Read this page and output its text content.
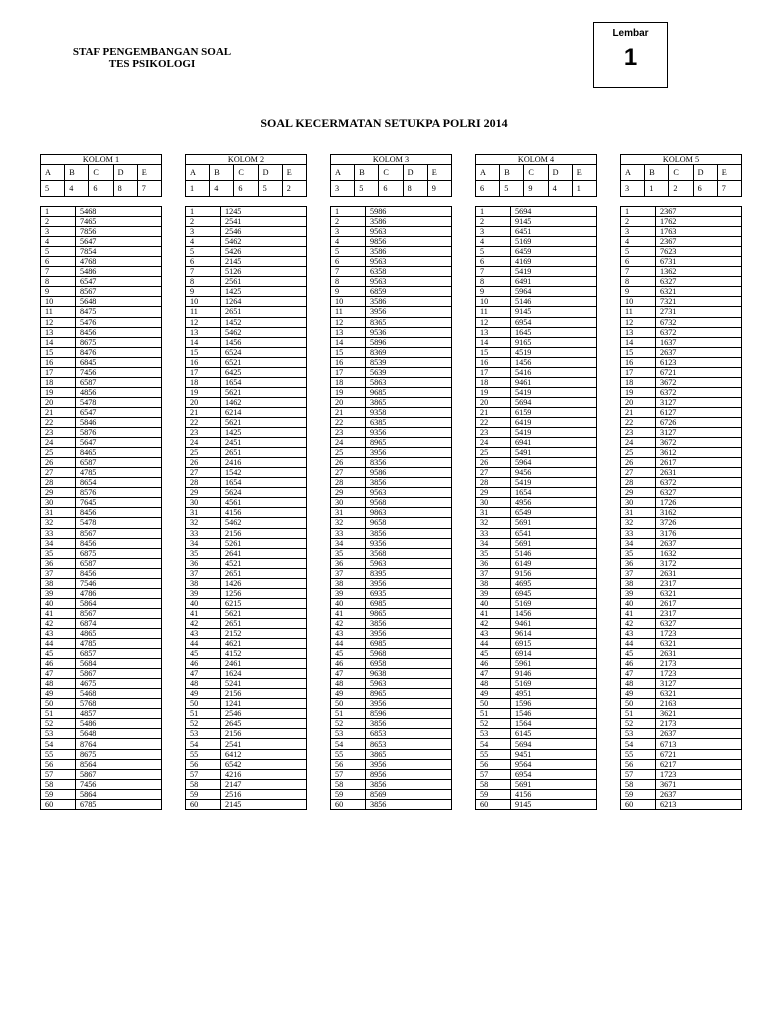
STAF PENGEMBANGAN SOAL
TES PSIKOLOGI
Lembar
1
SOAL KECERMATAN SETUKPA POLRI 2014
KOLOM 1				
A	B	C	D	E
5	4	6	8	7
1	5468
2	7465
3	7856
4	5647
5	7854
6	4768
7	5486
8	6547
9	8567
10	5648
11	8475
12	5476
13	8456
14	8675
15	8476
16	6845
17	7456
18	6587
19	4856
20	5478
21	6547
22	5846
23	5876
24	5647
25	8465
26	6587
27	4785
28	8654
29	8576
30	7645
31	8456
32	5478
33	8567
34	8456
35	6875
36	6587
37	8456
38	7546
39	4786
40	5864
41	8567
42	6874
43	4865
44	4785
45	6857
46	5684
47	5867
48	4675
49	5468
50	5768
51	4857
52	5486
53	5648
54	8764
55	8675
56	8564
57	5867
58	7456
59	5864
60	6785
KOLOM 2				
A	B	C	D	E
1	4	6	5	2
1	1245
2	2541
3	2546
4	5462
5	5426
6	2145
7	5126
8	2561
9	1425
10	1264
11	2651
12	1452
13	5462
14	1456
15	6524
16	6521
17	6425
18	1654
19	5621
20	1462
21	6214
22	5621
23	1425
24	2451
25	2651
26	2416
27	1542
28	1654
29	5624
30	4561
31	4156
32	5462
33	2156
34	5261
35	2641
36	4521
37	2651
38	1426
39	1256
40	6215
41	5621
42	2651
43	2152
44	4621
45	4152
46	2461
47	1624
48	5241
49	2156
50	1241
51	2546
52	2645
53	2156
54	2541
55	6412
56	6542
57	4216
58	2147
59	2516
60	2145
KOLOM 3				
A	B	C	D	E
3	5	6	8	9
1	5986
2	3586
3	9563
4	9856
5	3586
6	9563
7	6358
8	9563
9	6859
10	3586
11	3956
12	8365
13	9536
14	5896
15	8369
16	8539
17	5639
18	5863
19	9685
20	3865
21	9358
22	6385
23	9356
24	8965
25	3956
26	8356
27	9586
28	3856
29	9563
30	9568
31	9863
32	9658
33	3856
34	9356
35	3568
36	5963
37	8395
38	3956
39	6935
40	6985
41	9865
42	3856
43	3956
44	6985
45	5968
46	6958
47	9638
48	5963
49	8965
50	3956
51	8596
52	3856
53	6853
54	8653
55	3865
56	3956
57	8956
58	3856
59	8569
60	3856
KOLOM 4				
A	B	C	D	E
6	5	9	4	1
1	5694
2	9145
3	6451
4	5169
5	6459
6	4169
7	5419
8	6491
9	5964
10	5146
11	9145
12	6954
13	1645
14	9165
15	4519
16	1456
17	5416
18	9461
19	5419
20	5694
21	6159
22	6419
23	5419
24	6941
25	5491
26	5964
27	9456
28	5419
29	1654
30	4956
31	6549
32	5691
33	6541
34	5691
35	5146
36	6149
37	9156
38	4695
39	6945
40	5169
41	1456
42	9461
43	9614
44	6915
45	6914
46	5961
47	9146
48	5169
49	4951
50	1596
51	1546
52	1564
53	6145
54	5694
55	9451
56	9564
57	6954
58	5691
59	4156
60	9145
KOLOM 5				
A	B	C	D	E
3	1	2	6	7
1	2367
2	1762
3	1763
4	2367
5	7623
6	6731
7	1362
8	6327
9	6321
10	7321
11	2731
12	6732
13	6372
14	1637
15	2637
16	6123
17	6721
18	3672
19	6372
20	3127
21	6127
22	6726
23	3127
24	3672
25	3612
26	2617
27	2631
28	6372
29	6327
30	1726
31	3162
32	3726
33	3176
34	2637
35	1632
36	3172
37	2631
38	2317
39	6321
40	2617
41	2317
42	6327
43	1723
44	6321
45	2631
46	2173
47	1723
48	3127
49	6321
50	2163
51	3621
52	2173
53	2637
54	6713
55	6721
56	6217
57	1723
58	3671
59	2637
60	6213
